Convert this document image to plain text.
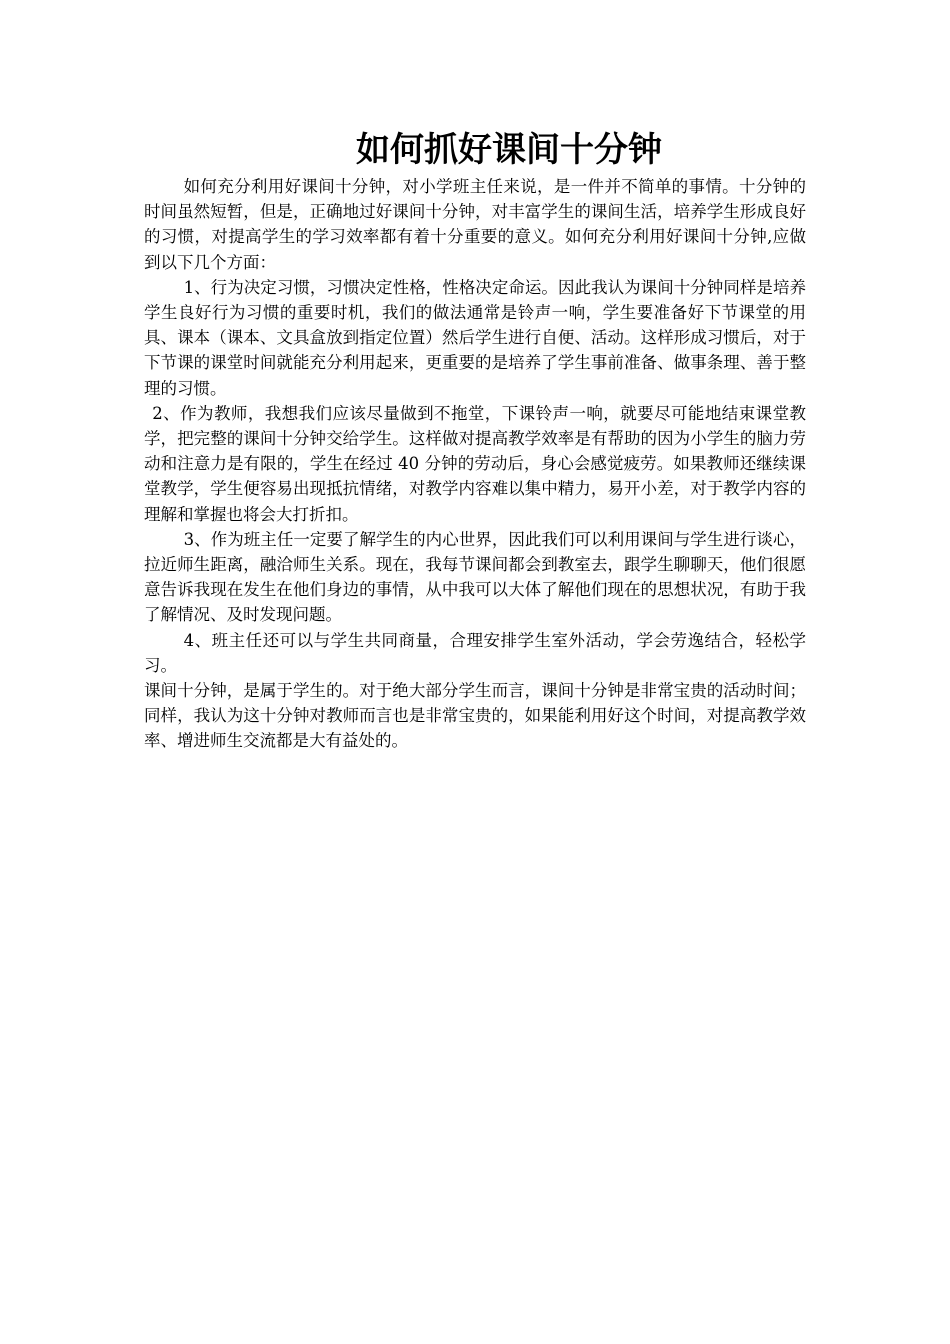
如何抓好课间十分钟

如何充分利用好课间十分钟，对小学班主任来说，是一件并不简单的事情。十分钟的时间虽然短暂，但是，正确地过好课间十分钟，对丰富学生的课间生活，培养学生形成良好的习惯，对提高学生的学习效率都有着十分重要的意义。如何充分利用好课间十分钟,应做到以下几个方面：

1、行为决定习惯，习惯决定性格，性格决定命运。因此我认为课间十分钟同样是培养学生良好行为习惯的重要时机，我们的做法通常是铃声一响，学生要准备好下节课堂的用具、课本（课本、文具盒放到指定位置）然后学生进行自便、活动。这样形成习惯后，对于下节课的课堂时间就能充分利用起来，更重要的是培养了学生事前准备、做事条理、善于整理的习惯。

2、作为教师，我想我们应该尽量做到不拖堂，下课铃声一响，就要尽可能地结束课堂教学，把完整的课间十分钟交给学生。这样做对提高教学效率是有帮助的因为小学生的脑力劳动和注意力是有限的，学生在经过 40 分钟的劳动后，身心会感觉疲劳。如果教师还继续课堂教学，学生便容易出现抵抗情绪，对教学内容难以集中精力，易开小差，对于教学内容的理解和掌握也将会大打折扣。

3、作为班主任一定要了解学生的内心世界，因此我们可以利用课间与学生进行谈心，拉近师生距离，融洽师生关系。现在，我每节课间都会到教室去，跟学生聊聊天，他们很愿意告诉我现在发生在他们身边的事情，从中我可以大体了解他们现在的思想状况，有助于我了解情况、及时发现问题。

4、班主任还可以与学生共同商量，合理安排学生室外活动，学会劳逸结合，轻松学习。

课间十分钟，是属于学生的。对于绝大部分学生而言，课间十分钟是非常宝贵的活动时间；同样，我认为这十分钟对教师而言也是非常宝贵的，如果能利用好这个时间，对提高教学效率、增进师生交流都是大有益处的。
